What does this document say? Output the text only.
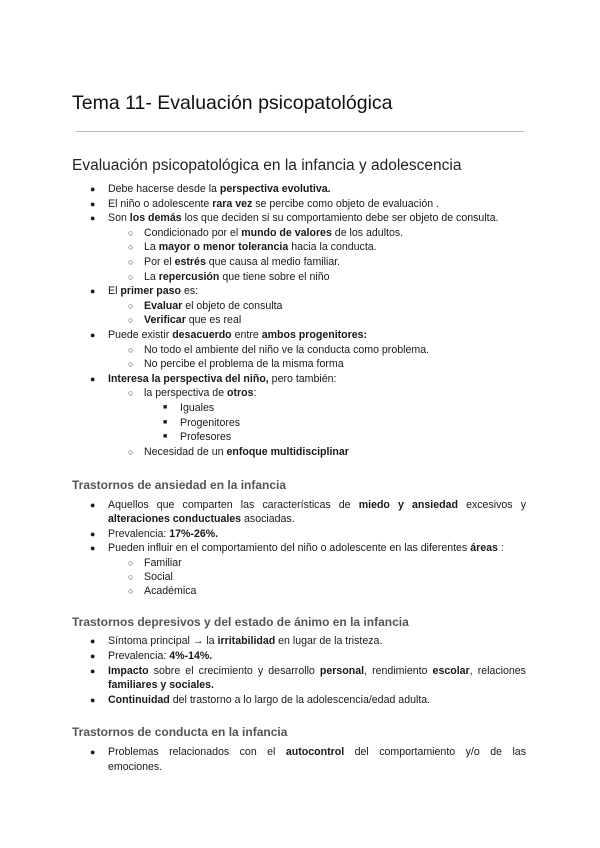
Tema 11- Evaluación psicopatológica
Evaluación psicopatológica en la infancia y adolescencia
● Debe hacerse desde la perspectiva evolutiva.
● El niño o adolescente rara vez se percibe como objeto de evaluación .
● Son los demás los que deciden si su comportamiento debe ser objeto de consulta.
○ Condicionado por el mundo de valores de los adultos.
○ La mayor o menor tolerancia hacia la conducta.
○ Por el estrés que causa al medio familiar.
○ La repercusión que tiene sobre el niño
● El primer paso es:
○ Evaluar el objeto de consulta
○ Verificar que es real
● Puede existir desacuerdo entre ambos progenitores:
○ No todo el ambiente del niño ve la conducta como problema.
○ No percibe el problema de la misma forma
● Interesa la perspectiva del niño, pero también:
○ la perspectiva de otros:
■ Iguales
■ Progenitores
■ Profesores
○ Necesidad de un enfoque multidisciplinar
Trastornos de ansiedad en la infancia
● Aquellos que comparten las características de miedo y ansiedad excesivos y
alteraciones conductuales asociadas.
● Prevalencia: 17%-26%.
● Pueden influir en el comportamiento del niño o adolescente en las diferentes áreas :
○ Familiar
○ Social
○ Académica
Trastornos depresivos y del estado de ánimo en la infancia
● Síntoma principal → la irritabilidad en lugar de la tristeza.
● Prevalencia: 4%-14%.
● Impacto sobre el crecimiento y desarrollo personal, rendimiento escolar, relaciones
familiares y sociales.
● Continuidad del trastorno a lo largo de la adolescencia/edad adulta.
Trastornos de conducta en la infancia
● Problemas relacionados con el autocontrol del comportamiento y/o de las
emociones.
